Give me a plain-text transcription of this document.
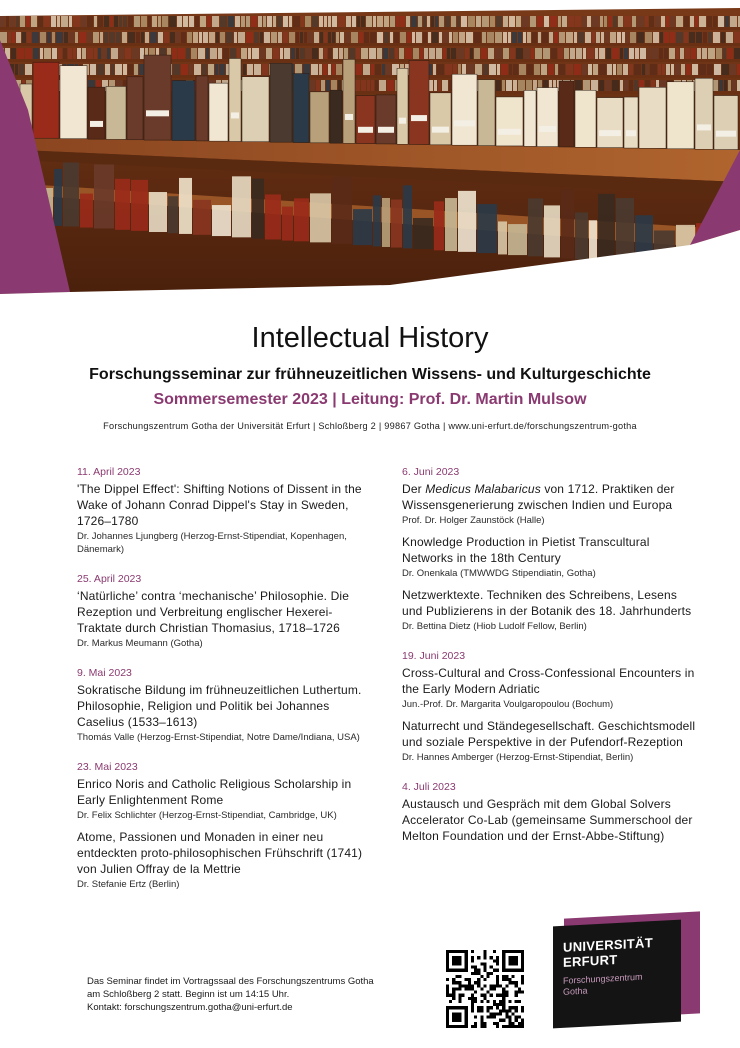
Intellectual History
Forschungsseminar zur frühneuzeitlichen Wissens- und Kulturgeschichte
Sommersemester 2023 | Leitung: Prof. Dr. Martin Mulsow
Forschungszentrum Gotha der Universität Erfurt | Schloßberg 2 | 99867 Gotha | www.uni-erfurt.de/forschungszentrum-gotha
11. April 2023
'The Dippel Effect': Shifting Notions of Dissent in the Wake of Johann Conrad Dippel's Stay in Sweden, 1726–1780
Dr. Johannes Ljungberg (Herzog-Ernst-Stipendiat, Kopenhagen, Dänemark)
25. April 2023
‘Natürliche’ contra ‘mechanische’ Philosophie. Die Rezeption und Verbreitung englischer Hexerei-Traktate durch Christian Thomasius, 1718–1726
Dr. Markus Meumann (Gotha)
9. Mai 2023
Sokratische Bildung im frühneuzeitlichen Luthertum. Philosophie, Religion und Politik bei Johannes Caselius (1533–1613)
Thomás Valle (Herzog-Ernst-Stipendiat, Notre Dame/Indiana, USA)
23. Mai 2023
Enrico Noris and Catholic Religious Scholarship in Early Enlightenment Rome
Dr. Felix Schlichter (Herzog-Ernst-Stipendiat, Cambridge, UK)
Atome, Passionen und Monaden in einer neu entdeckten proto-philosophischen Frühschrift (1741) von Julien Offray de la Mettrie
Dr. Stefanie Ertz (Berlin)
6. Juni 2023
Der Medicus Malabaricus von 1712. Praktiken der Wissensgenerierung zwischen Indien und Europa
Prof. Dr. Holger Zaunstöck (Halle)
Knowledge Production in Pietist Transcultural Networks in the 18th Century
Dr. Onenkala (TMWWDG Stipendiatin, Gotha)
Netzwerktexte. Techniken des Schreibens, Lesens und Publizierens in der Botanik des 18. Jahrhunderts
Dr. Bettina Dietz (Hiob Ludolf Fellow, Berlin)
19. Juni 2023
Cross-Cultural and Cross-Confessional Encounters in the Early Modern Adriatic
Jun.-Prof. Dr. Margarita Voulgaropoulou (Bochum)
Naturrecht und Ständegesellschaft. Geschichtsmodell und soziale Perspektive in der Pufendorf-Rezeption
Dr. Hannes Amberger (Herzog-Ernst-Stipendiat, Berlin)
4. Juli 2023
Austausch und Gespräch mit dem Global Solvers Accelerator Co-Lab (gemeinsame Summerschool der Melton Foundation und der Ernst-Abbe-Stiftung)
Das Seminar findet im Vortragssaal des Forschungszentrums Gotha
am Schloßberg 2 statt. Beginn ist um 14:15 Uhr.
Kontakt: forschungszentrum.gotha@uni-erfurt.de
UNIVERSITÄT
ERFURT
Forschungszentrum
Gotha
